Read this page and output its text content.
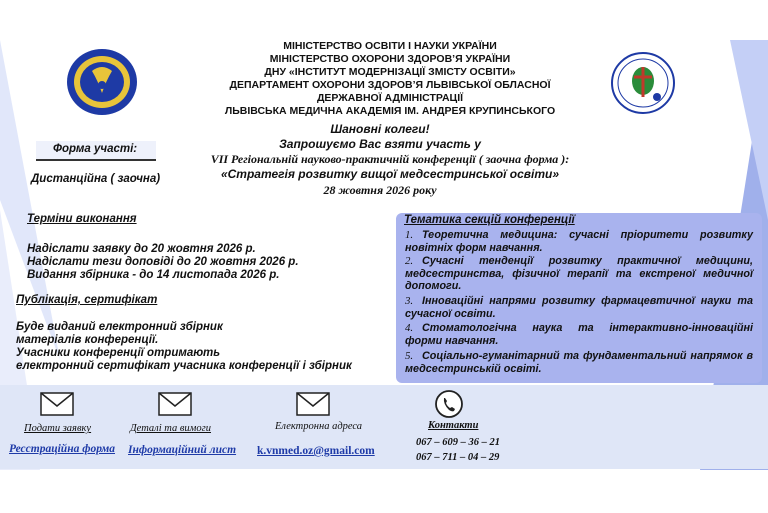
МІНІСТЕРСТВО ОСВІТИ І НАУКИ УКРАЇНИ
МІНІСТЕРСТВО ОХОРОНИ ЗДОРОВ’Я УКРАЇНИ
ДНУ «ІНСТИТУТ МОДЕРНІЗАЦІЇ ЗМІСТУ ОСВІТИ»
ДЕПАРТАМЕНТ ОХОРОНИ ЗДОРОВ’Я ЛЬВІВСЬКОЇ ОБЛАСНОЇ
ДЕРЖАВНОЇ АДМІНІСТРАЦІЇ
ЛЬВІВСЬКА МЕДИЧНА АКАДЕМІЯ ІМ. АНДРЕЯ КРУПИНСЬКОГО
Шановні колеги!
Запрошуємо Вас взяти участь у
VII Регіональній науково-практичній конференції ( заочна форма ):
«Стратегія розвитку вищої медсестринської освіти»
28 жовтня 2026 року
Форма участі:
Дистанційна ( заочна)
Терміни виконання
Надіслати заявку до 20 жовтня 2026 р.
Надіслати тези доповіді до 20 жовтня 2026 р.
Видання збірника - до 14 листопада 2026 р.
Публікація, сертифікат
Буде виданий електронний збірник
матеріалів конференції.
Учасники конференції отримають
електронний сертифікат учасника конференції і збірник
Тематика секцій конференції
1. Теоретична медицина: сучасні пріоритети розвитку новітніх форм навчання.
2. Сучасні тенденції розвитку практичної медицини, медсестринства, фізичної терапії та екстреної медичної допомоги.
3. Інноваційні напрями розвитку фармацевтичної науки та сучасної освіти.
4. Стоматологічна наука та інтерактивно-інноваційні форми навчання.
5. Соціально-гуманітарний та фундаментальний напрямок в медсестринській освіті.
Подати заявку
Ресстраційна форма
Деталі та вимоги
Інформаційний лист
Електронна адреса
k.vnmed.oz@gmail.com
Контакти
067 – 609 – 36 – 21
067 – 711 – 04 – 29
